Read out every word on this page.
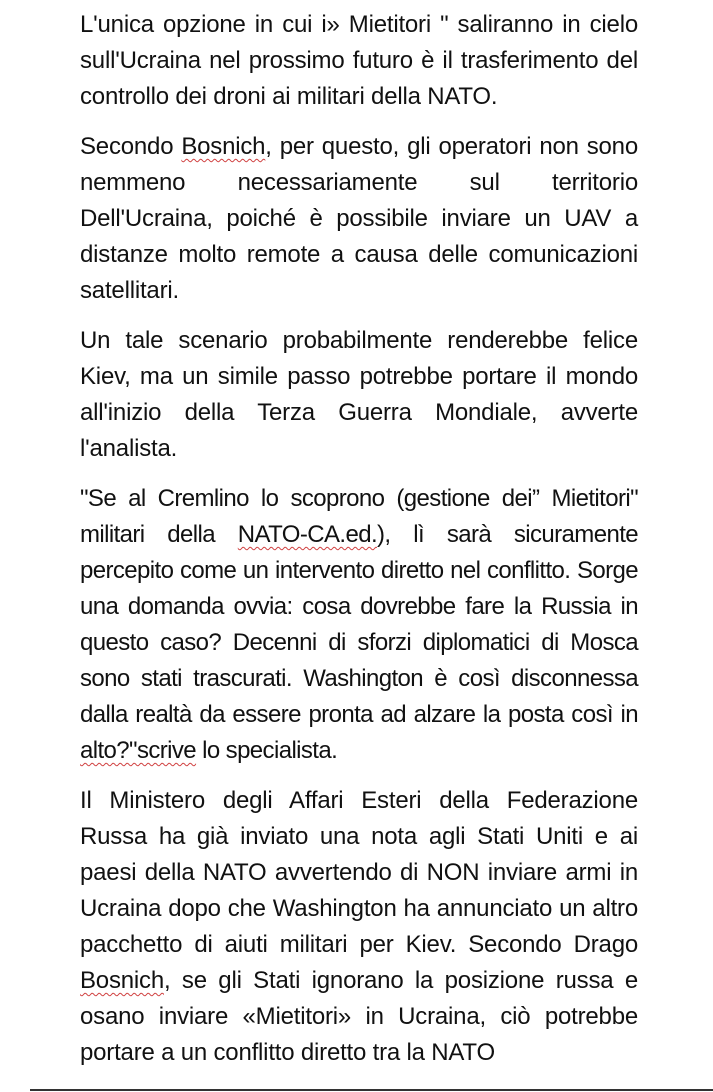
L'unica opzione in cui i» Mietitori " saliranno in cielo sull'Ucraina nel prossimo futuro è il trasferimento del controllo dei droni ai militari della NATO.

Secondo Bosnich, per questo, gli operatori non sono nemmeno necessariamente sul territorio Dell'Ucraina, poiché è possibile inviare un UAV a distanze molto remote a causa delle comunicazioni satellitari.

Un tale scenario probabilmente renderebbe felice Kiev, ma un simile passo potrebbe portare il mondo all'inizio della Terza Guerra Mondiale, avverte l'analista.

"Se al Cremlino lo scoprono (gestione dei” Mietitori" militari della NATO-CA.ed.), lì sarà sicuramente percepito come un intervento diretto nel conflitto. Sorge una domanda ovvia: cosa dovrebbe fare la Russia in questo caso? Decenni di sforzi diplomatici di Mosca sono stati trascurati. Washington è così disconnessa dalla realtà da essere pronta ad alzare la posta così in alto?"scrive lo specialista.

Il Ministero degli Affari Esteri della Federazione Russa ha già inviato una nota agli Stati Uniti e ai paesi della NATO avvertendo di NON inviare armi in Ucraina dopo che Washington ha annunciato un altro pacchetto di aiuti militari per Kiev. Secondo Drago Bosnich, se gli Stati ignorano la posizione russa e osano inviare «Mietitori» in Ucraina, ciò potrebbe portare a un conflitto diretto tra la NATO
